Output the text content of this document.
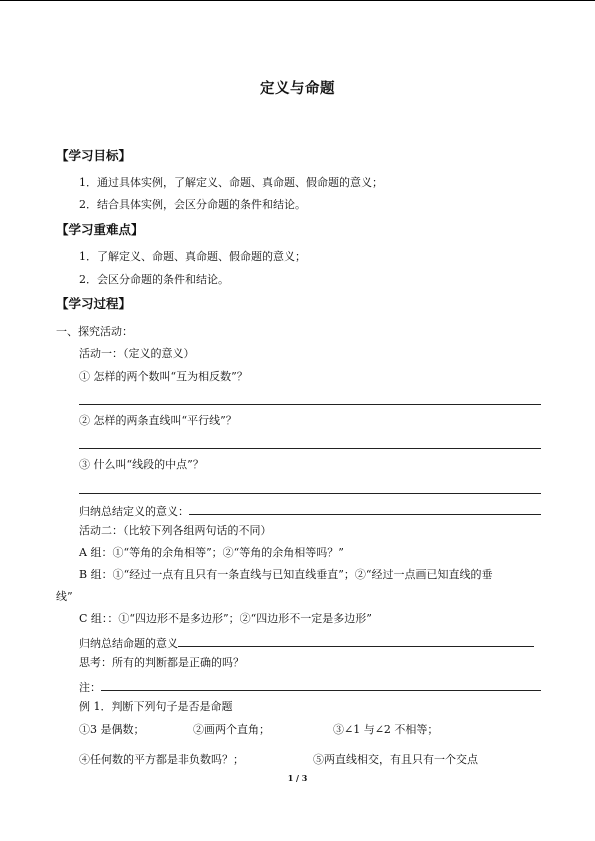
定义与命题
【学习目标】
1．通过具体实例，了解定义、命题、真命题、假命题的意义；
2．结合具体实例，会区分命题的条件和结论。
【学习重难点】
1．了解定义、命题、真命题、假命题的意义；
2．会区分命题的条件和结论。
【学习过程】
一、探究活动：
活动一：（定义的意义）
① 怎样的两个数叫“互为相反数”？
② 怎样的两条直线叫“平行线”？
③ 什么叫“线段的中点”？
归纳总结定义的意义：
活动二：（比较下列各组两句话的不同）
A 组：①“等角的余角相等”；②“等角的余角相等吗？”
B 组：①“经过一点有且只有一条直线与已知直线垂直”；②“经过一点画已知直线的垂
线”
C 组：：①“四边形不是多边形”；②“四边形不一定是多边形”
归纳总结命题的意义
思考：所有的判断都是正确的吗？
注：
例 1．判断下列句子是否是命题
①3 是偶数；	②画两个直角；	③∠1 与∠2 不相等；
④任何数的平方都是非负数吗？；	⑤两直线相交，有且只有一个交点
1 / 3
